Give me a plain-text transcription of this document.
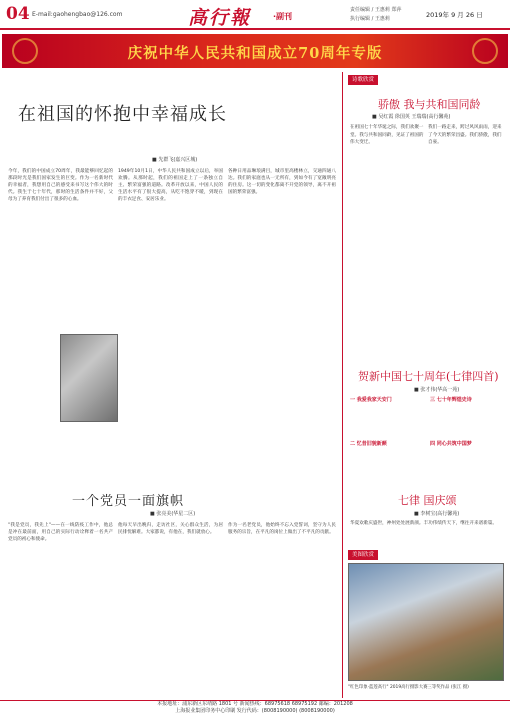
04 E-mail:gaohengbao@126.com	高行報	·副刊
责任编辑 / 王惠莉 郑萍
执行编辑 / 王惠莉	2019年 9 月 26 日
庆祝中华人民共和国成立70周年专版
在祖国的怀抱中幸福成长
■ 先群飞(嘉兴区城)
今年，我们的中国成立70周年，我最能够回忆起的那段时光是我们国家发生的巨变。作为一名新时代的幸福者，我想用自己的感受来书写这个伟大的时代。我生于七十年代，那时的生活条件并不好，父母为了养育我们付出了很多的心血。
1949年10月1日，中华人民共和国成立以后，举国欢腾。从那时起，我们的祖国走上了一条独立自主、繁荣富强的道路。改革开放以来，中国人民的生活水平有了很大提高，从吃不饱穿不暖，到现在的丰衣足食、安居乐业。
各种日用品琳琅满目，城市里高楼林立，交通四通八达。我们的家庭也从一无所有，到如今有了宽敞明亮的住房。这一切的变化都离不开党的领导，离不开祖国的繁荣富强。
一个党员一面旗帜
■ 张亮美(华星二区)
"我是党员，我先上"——在一线防疫工作中，他总是冲在最前面，用自己的实际行动诠释着一名共产党员的初心和使命。
他每天早出晚归，走访社区，关心群众生活，为居民排忧解难。大家都说，有他在，我们就放心。
作为一名老党员，他始终不忘入党誓词，坚守为人民服务的宗旨，在平凡的岗位上做出了不平凡的贡献。
诗歌欣赏
骄傲 我与共和国同龄
■ 吴红霞 徐国英 王瑞瑞(高行馨苑)
在祖国七十年华诞之际，我们欢聚一堂。我与共和国同龄，见证了祖国的伟大变迁。
我们一路走来，跨过风风雨雨，迎来了今天的繁荣昌盛。我们骄傲，我们自豪。
贺新中国七十周年(七律四首)
■ 张才伟(华高一苑)
一 我爱我家天安门	三 七十年辉煌史诗
二 忆昔旧貌新颜	四 同心共筑中国梦
七律 国庆颂
■ 李树宝(高行馨苑)
华夏欢歌庆盛世，神州处处展新颜。丰功伟绩传天下，继往开来谱新篇。
美图欣赏
"红色印象·蓝莲高行" 2019高行摄影大赛三等奖作品 (张江 摄)
本报地址：浦东新区东靖路 1801 号 新闻热线：68975618 68975192 邮编：201208
上海报业集团印务中心印刷 发行代码：(8008190000) (8008190000)
